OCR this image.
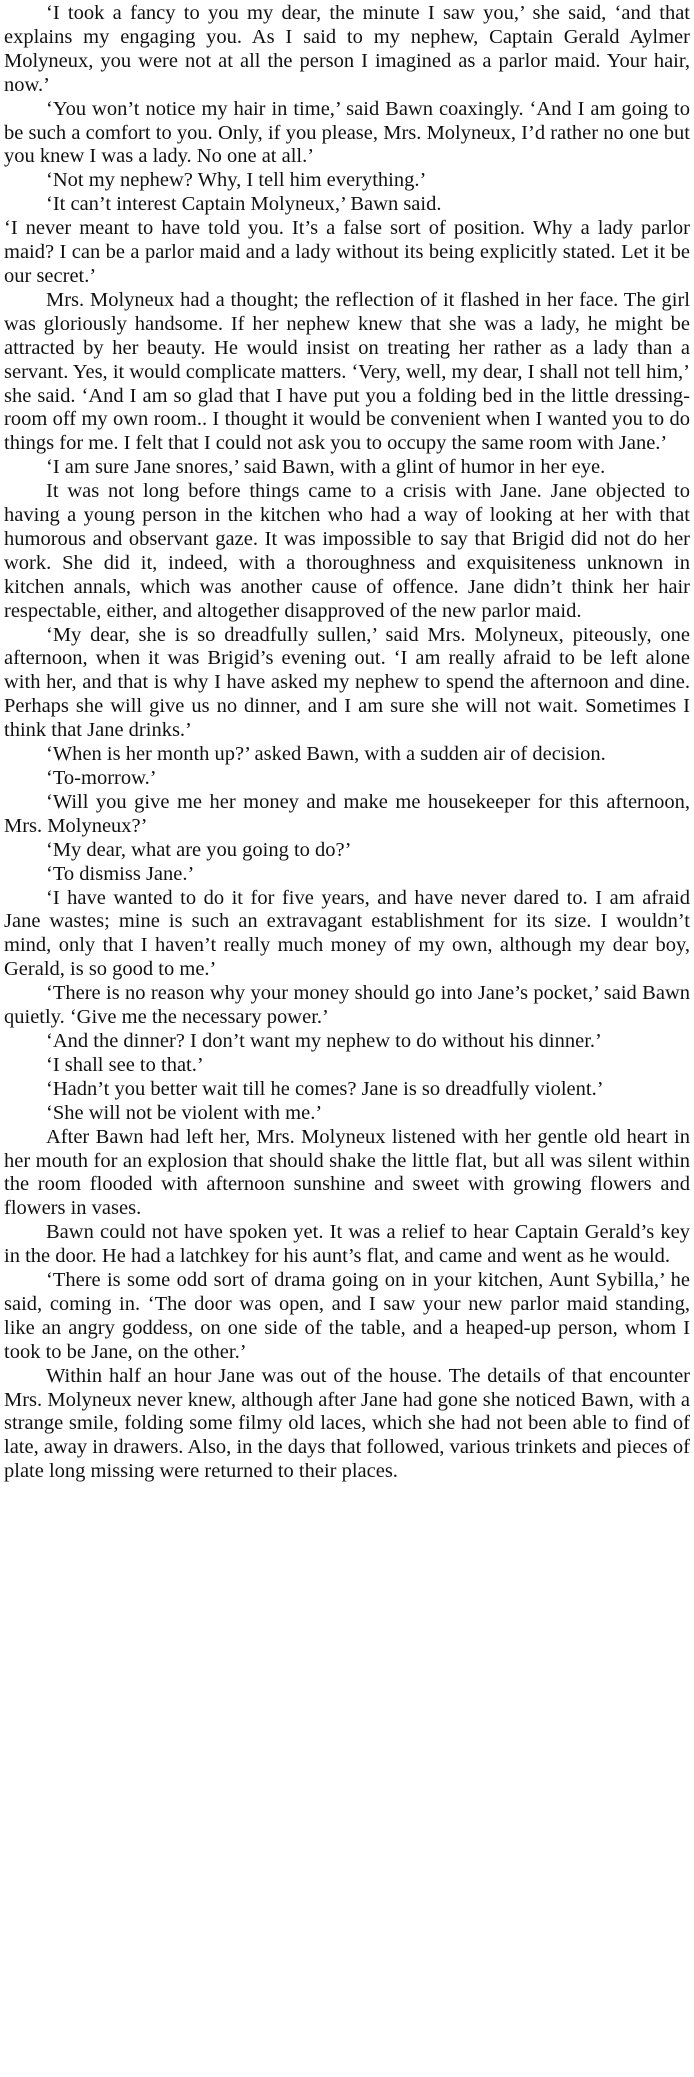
‘I took a fancy to you my dear, the minute I saw you,’ she said, ‘and that explains my engaging you. As I said to my nephew, Captain Gerald Aylmer Molyneux, you were not at all the person I imagined as a parlor maid. Your hair, now.’

‘You won’t notice my hair in time,’ said Bawn coaxingly. ‘And I am going to be such a comfort to you. Only, if you please, Mrs. Molyneux, I’d rather no one but you knew I was a lady. No one at all.’

‘Not my nephew? Why, I tell him everything.’

‘It can’t interest Captain Molyneux,’ Bawn said.

‘I never meant to have told you. It’s a false sort of position. Why a lady parlor maid? I can be a parlor maid and a lady without its being explicitly stated. Let it be our secret.’

Mrs. Molyneux had a thought; the reflection of it flashed in her face. The girl was gloriously handsome. If her nephew knew that she was a lady, he might be attracted by her beauty. He would insist on treating her rather as a lady than a servant. Yes, it would complicate matters. ‘Very, well, my dear, I shall not tell him,’ she said. ‘And I am so glad that I have put you a folding bed in the little dressing-room off my own room.. I thought it would be convenient when I wanted you to do things for me. I felt that I could not ask you to occupy the same room with Jane.’

‘I am sure Jane snores,’ said Bawn, with a glint of humor in her eye.

It was not long before things came to a crisis with Jane. Jane objected to having a young person in the kitchen who had a way of looking at her with that humorous and observant gaze. It was impossible to say that Brigid did not do her work. She did it, indeed, with a thoroughness and exquisiteness unknown in kitchen annals, which was another cause of offence. Jane didn’t think her hair respectable, either, and altogether disapproved of the new parlor maid.

‘My dear, she is so dreadfully sullen,’ said Mrs. Molyneux, piteously, one afternoon, when it was Brigid’s evening out. ‘I am really afraid to be left alone with her, and that is why I have asked my nephew to spend the afternoon and dine. Perhaps she will give us no dinner, and I am sure she will not wait. Sometimes I think that Jane drinks.’

‘When is her month up?’ asked Bawn, with a sudden air of decision.

‘To-morrow.’

‘Will you give me her money and make me housekeeper for this afternoon, Mrs. Molyneux?’

‘My dear, what are you going to do?’

‘To dismiss Jane.’

‘I have wanted to do it for five years, and have never dared to. I am afraid Jane wastes; mine is such an extravagant establishment for its size. I wouldn’t mind, only that I haven’t really much money of my own, although my dear boy, Gerald, is so good to me.’

‘There is no reason why your money should go into Jane’s pocket,’ said Bawn quietly. ‘Give me the necessary power.’

‘And the dinner? I don’t want my nephew to do without his dinner.’

‘I shall see to that.’

‘Hadn’t you better wait till he comes? Jane is so dreadfully violent.’

‘She will not be violent with me.’

After Bawn had left her, Mrs. Molyneux listened with her gentle old heart in her mouth for an explosion that should shake the little flat, but all was silent within the room flooded with afternoon sunshine and sweet with growing flowers and flowers in vases.

Bawn could not have spoken yet. It was a relief to hear Captain Gerald’s key in the door. He had a latchkey for his aunt’s flat, and came and went as he would.

‘There is some odd sort of drama going on in your kitchen, Aunt Sybilla,’ he said, coming in. ‘The door was open, and I saw your new parlor maid standing, like an angry goddess, on one side of the table, and a heaped-up person, whom I took to be Jane, on the other.’

Within half an hour Jane was out of the house. The details of that encounter Mrs. Molyneux never knew, although after Jane had gone she noticed Bawn, with a strange smile, folding some filmy old laces, which she had not been able to find of late, away in drawers. Also, in the days that followed, various trinkets and pieces of plate long missing were returned to their places.
